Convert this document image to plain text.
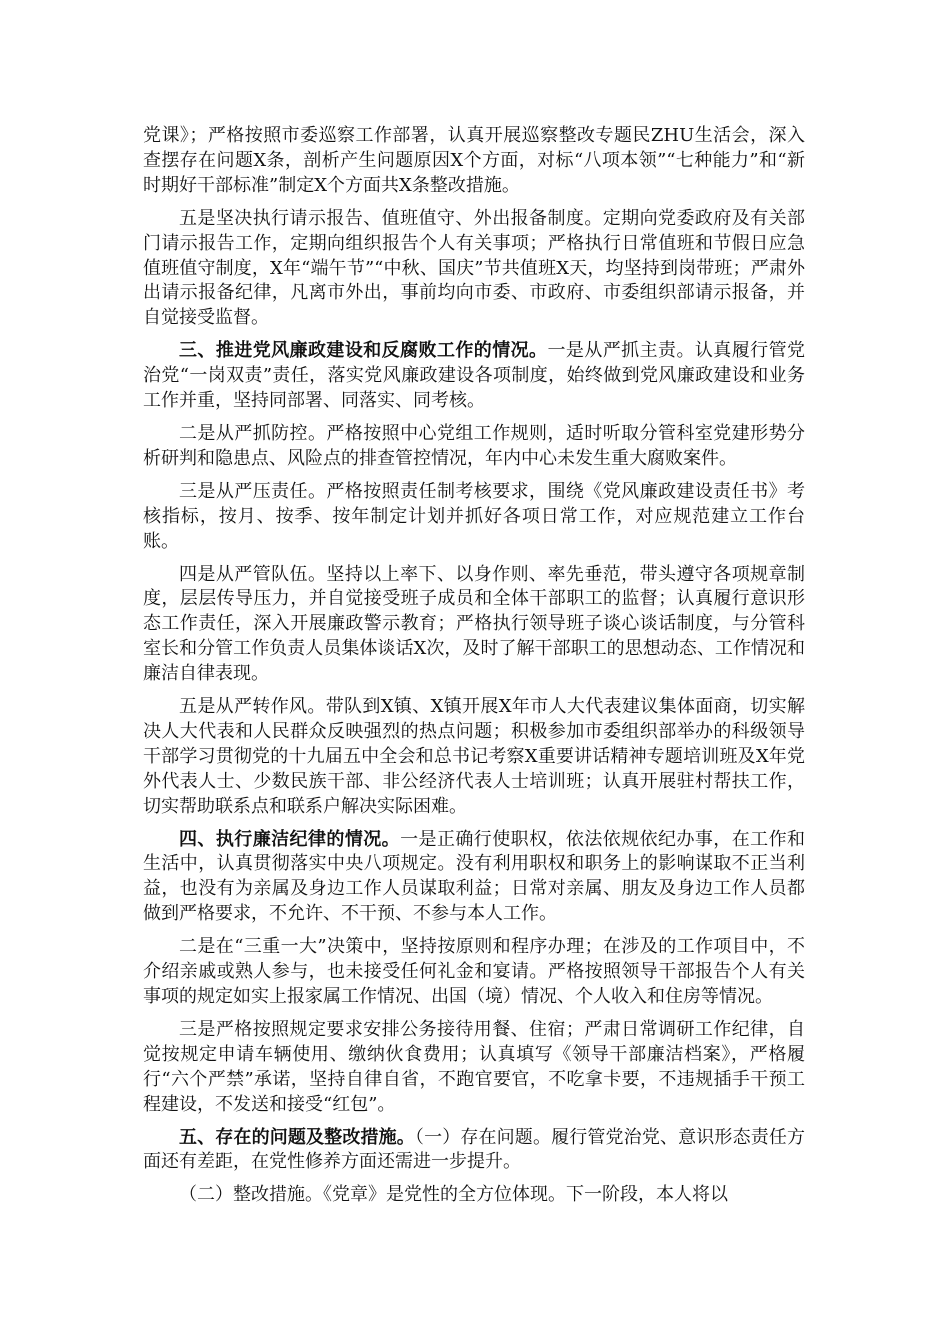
党课》；严格按照市委巡察工作部署，认真开展巡察整改专题民ZHU生活会，深入查摆存在问题X条，剖析产生问题原因X个方面，对标“八项本领”“七种能力”和“新时期好干部标准”制定X个方面共X条整改措施。

五是坚决执行请示报告、值班值守、外出报备制度。定期向党委政府及有关部门请示报告工作，定期向组织报告个人有关事项；严格执行日常值班和节假日应急值班值守制度，X年“端午节”“中秋、国庆”节共值班X天，均坚持到岗带班；严肃外出请示报备纪律，凡离市外出，事前均向市委、市政府、市委组织部请示报备，并自觉接受监督。

三、推进党风廉政建设和反腐败工作的情况。一是从严抓主责。认真履行管党治党“一岗双责”责任，落实党风廉政建设各项制度，始终做到党风廉政建设和业务工作并重，坚持同部署、同落实、同考核。

二是从严抓防控。严格按照中心党组工作规则，适时听取分管科室党建形势分析研判和隐患点、风险点的排查管控情况，年内中心未发生重大腐败案件。

三是从严压责任。严格按照责任制考核要求，围绕《党风廉政建设责任书》考核指标，按月、按季、按年制定计划并抓好各项日常工作，对应规范建立工作台账。

四是从严管队伍。坚持以上率下、以身作则、率先垂范，带头遵守各项规章制度，层层传导压力，并自觉接受班子成员和全体干部职工的监督；认真履行意识形态工作责任，深入开展廉政警示教育；严格执行领导班子谈心谈话制度，与分管科室长和分管工作负责人员集体谈话X次，及时了解干部职工的思想动态、工作情况和廉洁自律表现。

五是从严转作风。带队到X镇、X镇开展X年市人大代表建议集体面商，切实解决人大代表和人民群众反映强烈的热点问题；积极参加市委组织部举办的科级领导干部学习贯彻党的十九届五中全会和总书记考察X重要讲话精神专题培训班及X年党外代表人士、少数民族干部、非公经济代表人士培训班；认真开展驻村帮扶工作，切实帮助联系点和联系户解决实际困难。

四、执行廉洁纪律的情况。一是正确行使职权，依法依规依纪办事，在工作和生活中，认真贯彻落实中央八项规定。没有利用职权和职务上的影响谋取不正当利益，也没有为亲属及身边工作人员谋取利益；日常对亲属、朋友及身边工作人员都做到严格要求，不允许、不干预、不参与本人工作。

二是在“三重一大”决策中，坚持按原则和程序办理；在涉及的工作项目中，不介绍亲戚或熟人参与，也未接受任何礼金和宴请。严格按照领导干部报告个人有关事项的规定如实上报家属工作情况、出国（境）情况、个人收入和住房等情况。

三是严格按照规定要求安排公务接待用餐、住宿；严肃日常调研工作纪律，自觉按规定申请车辆使用、缴纳伙食费用；认真填写《领导干部廉洁档案》，严格履行“六个严禁”承诺，坚持自律自省，不跑官要官，不吃拿卡要，不违规插手干预工程建设，不发送和接受“红包”。

五、存在的问题及整改措施。（一）存在问题。履行管党治党、意识形态责任方面还有差距，在党性修养方面还需进一步提升。

（二）整改措施。《党章》是党性的全方位体现。下一阶段，本人将以
